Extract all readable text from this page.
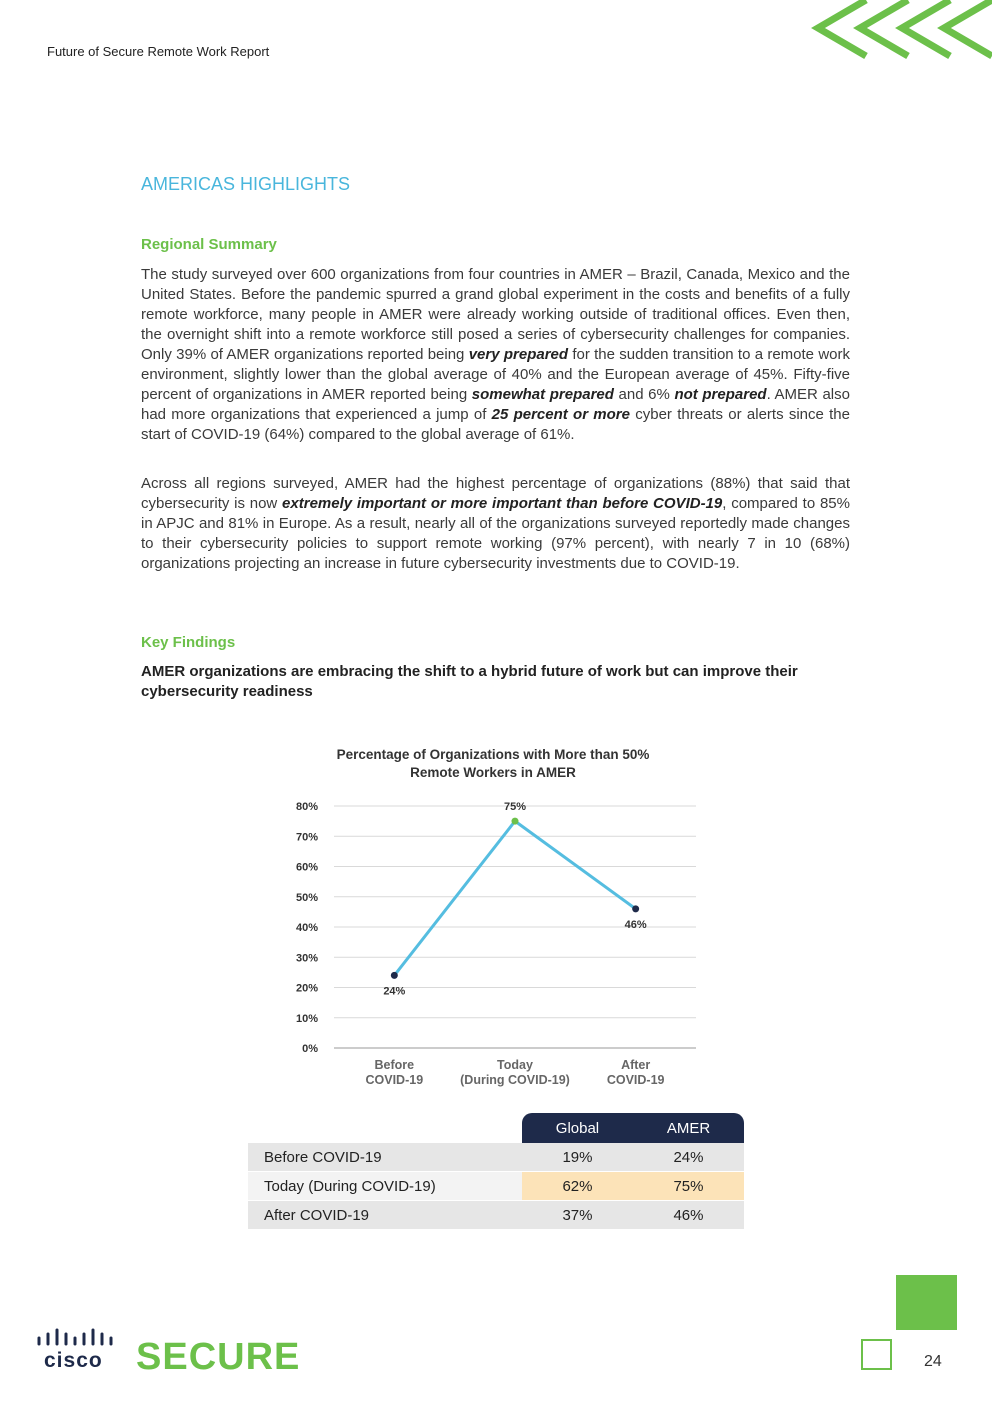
Future of Secure Remote Work Report
AMERICAS HIGHLIGHTS
Regional Summary

The study surveyed over 600 organizations from four countries in AMER – Brazil, Canada, Mexico and the United States. Before the pandemic spurred a grand global experiment in the costs and benefits of a fully remote workforce, many people in AMER were already working outside of traditional offices. Even then, the overnight shift into a remote workforce still posed a series of cybersecurity challenges for companies. Only 39% of AMER organizations reported being very prepared for the sudden transition to a remote work environment, slightly lower than the global average of 40% and the European average of 45%. Fifty-five percent of organizations in AMER reported being somewhat prepared and 6% not prepared. AMER also had more organizations that experienced a jump of 25 percent or more cyber threats or alerts since the start of COVID-19 (64%) compared to the global average of 61%.

Across all regions surveyed, AMER had the highest percentage of organizations (88%) that said that cybersecurity is now extremely important or more important than before COVID-19, compared to 85% in APJC and 81% in Europe. As a result, nearly all of the organizations surveyed reportedly made changes to their cybersecurity policies to support remote working (97% percent), with nearly 7 in 10 (68%) organizations projecting an increase in future cybersecurity investments due to COVID-19.

Key Findings

AMER organizations are embracing the shift to a hybrid future of work but can improve their cybersecurity readiness

Percentage of Organizations with More than 50%
Remote Workers in AMER
0%
10%
20%
30%
40%
50%
60%
70%
80%
Before
COVID-19
Today
(During COVID-19)
After
COVID-19
24%
75%
46%
	Global	AMER
Before COVID-19	19%	24%
Today (During COVID-19)	62%	75%
After COVID-19	37%	46%
cisco SECURE	24
